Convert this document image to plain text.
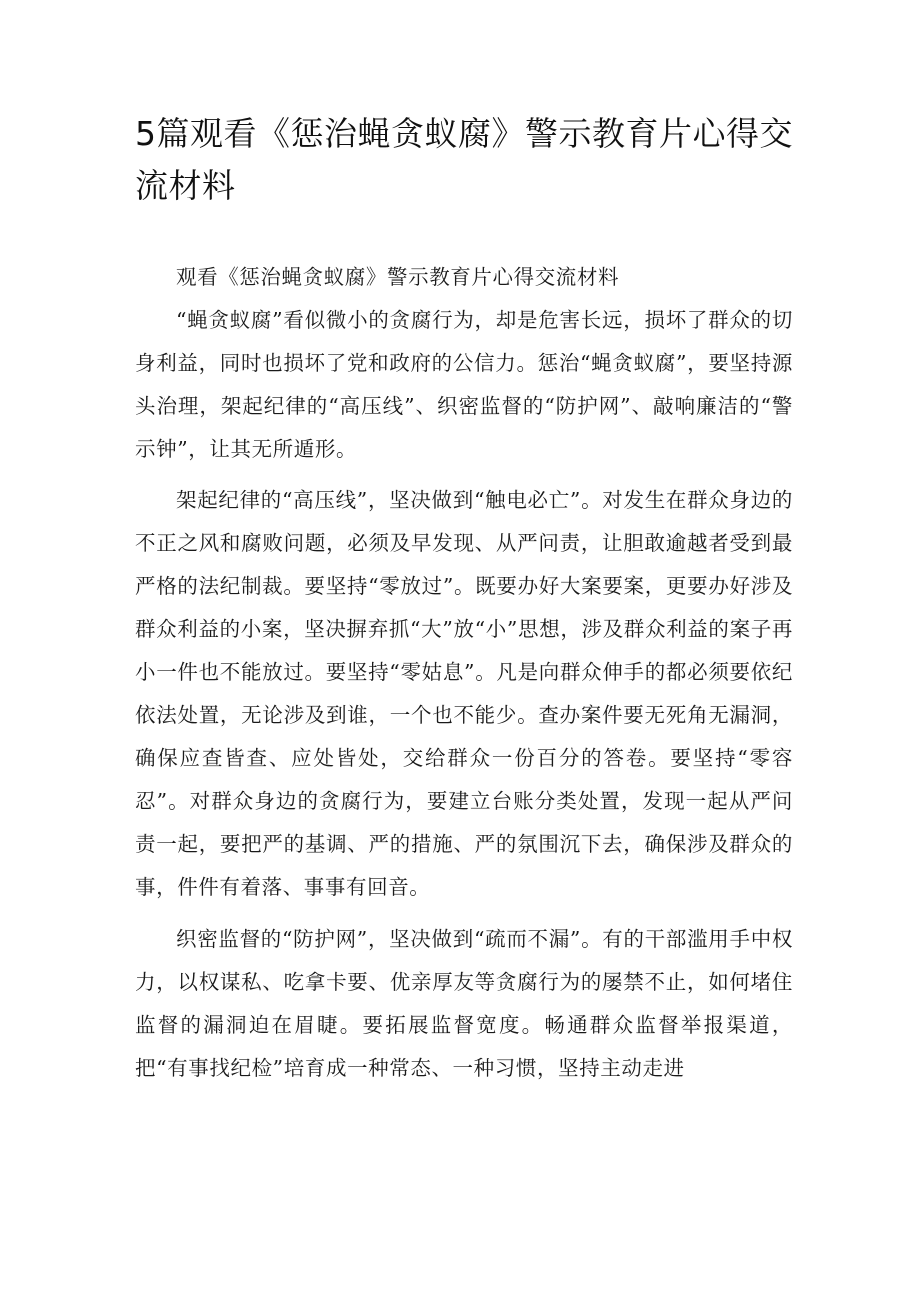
5篇观看《惩治蝇贪蚁腐》警示教育片心得交流材料

观看《惩治蝇贪蚁腐》警示教育片心得交流材料

“蝇贪蚁腐”看似微小的贪腐行为，却是危害长远，损坏了群众的切身利益，同时也损坏了党和政府的公信力。惩治“蝇贪蚁腐”，要坚持源头治理，架起纪律的“高压线”、织密监督的“防护网”、敲响廉洁的“警示钟”，让其无所遁形。

架起纪律的“高压线”，坚决做到“触电必亡”。对发生在群众身边的不正之风和腐败问题，必须及早发现、从严问责，让胆敢逾越者受到最严格的法纪制裁。要坚持“零放过”。既要办好大案要案，更要办好涉及群众利益的小案，坚决摒弃抓“大”放“小”思想，涉及群众利益的案子再小一件也不能放过。要坚持“零姑息”。凡是向群众伸手的都必须要依纪依法处置，无论涉及到谁，一个也不能少。查办案件要无死角无漏洞，确保应查皆查、应处皆处，交给群众一份百分的答卷。要坚持“零容忍”。对群众身边的贪腐行为，要建立台账分类处置，发现一起从严问责一起，要把严的基调、严的措施、严的氛围沉下去，确保涉及群众的事，件件有着落、事事有回音。

织密监督的“防护网”，坚决做到“疏而不漏”。有的干部滥用手中权力，以权谋私、吃拿卡要、优亲厚友等贪腐行为的屡禁不止，如何堵住监督的漏洞迫在眉睫。要拓展监督宽度。畅通群众监督举报渠道，把“有事找纪检”培育成一种常态、一种习惯，坚持主动走进
